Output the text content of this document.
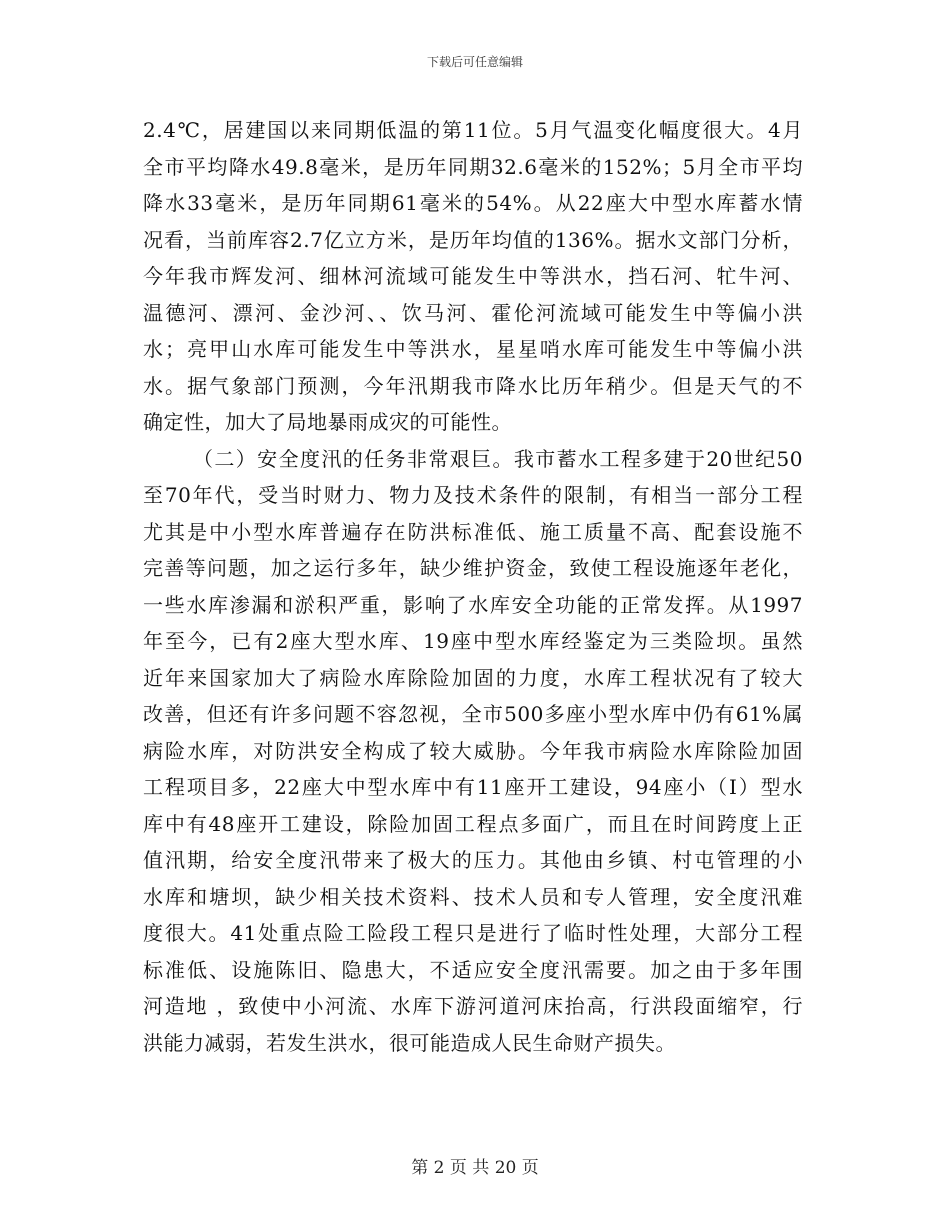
下载后可任意编辑
2.4℃，居建国以来同期低温的第11位。5月气温变化幅度很大。4月
全市平均降水49.8毫米，是历年同期32.6毫米的152%；5月全市平均
降水33毫米，是历年同期61毫米的54%。从22座大中型水库蓄水情
况看，当前库容2.7亿立方米，是历年均值的136%。据水文部门分析，
今年我市辉发河、细林河流域可能发生中等洪水，挡石河、牤牛河、
温德河、漂河、金沙河、、饮马河、霍伦河流域可能发生中等偏小洪
水；亮甲山水库可能发生中等洪水，星星哨水库可能发生中等偏小洪
水。据气象部门预测，今年汛期我市降水比历年稍少。但是天气的不
确定性，加大了局地暴雨成灾的可能性。
（二）安全度汛的任务非常艰巨。我市蓄水工程多建于20世纪50
至70年代，受当时财力、物力及技术条件的限制，有相当一部分工程
尤其是中小型水库普遍存在防洪标准低、施工质量不高、配套设施不
完善等问题，加之运行多年，缺少维护资金，致使工程设施逐年老化，
一些水库渗漏和淤积严重，影响了水库安全功能的正常发挥。从1997
年至今，已有2座大型水库、19座中型水库经鉴定为三类险坝。虽然
近年来国家加大了病险水库除险加固的力度，水库工程状况有了较大
改善，但还有许多问题不容忽视，全市500多座小型水库中仍有61%属
病险水库，对防洪安全构成了较大威胁。今年我市病险水库除险加固
工程项目多，22座大中型水库中有11座开工建设，94座小（I）型水
库中有48座开工建设，除险加固工程点多面广，而且在时间跨度上正
值汛期，给安全度汛带来了极大的压力。其他由乡镇、村屯管理的小
水库和塘坝，缺少相关技术资料、技术人员和专人管理，安全度汛难
度很大。41处重点险工险段工程只是进行了临时性处理，大部分工程
标准低、设施陈旧、隐患大，不适应安全度汛需要。加之由于多年围
河造地 ，致使中小河流、水库下游河道河床抬高，行洪段面缩窄，行
洪能力减弱，若发生洪水，很可能造成人民生命财产损失。
第 2 页 共 20 页
